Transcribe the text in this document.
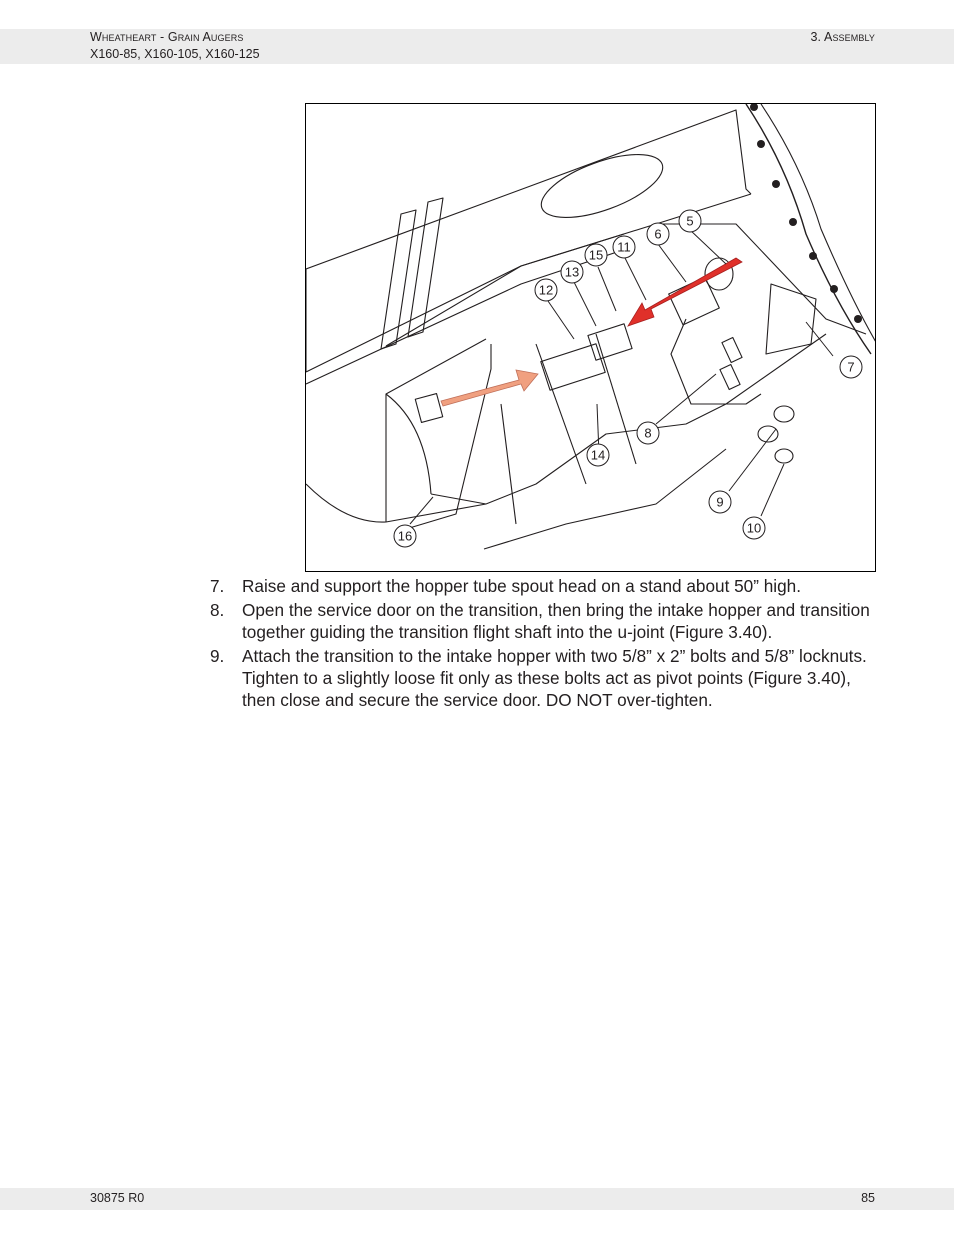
Wheatheart - Grain Augers
X160-85, X160-105, X160-125
3. Assembly
5
6
7
8
9
10
11
12
13
14
15
16
7. Raise and support the hopper tube spout head on a stand about 50” high.
8. Open the service door on the transition, then bring the intake hopper and transition together guiding the transition flight shaft into the u-joint (Figure 3.40).
9. Attach the transition to the intake hopper with two 5/8” x 2” bolts and 5/8” locknuts. Tighten to a slightly loose fit only as these bolts act as pivot points (Figure 3.40), then close and secure the service door. DO NOT over-tighten.
30875 R0	85
